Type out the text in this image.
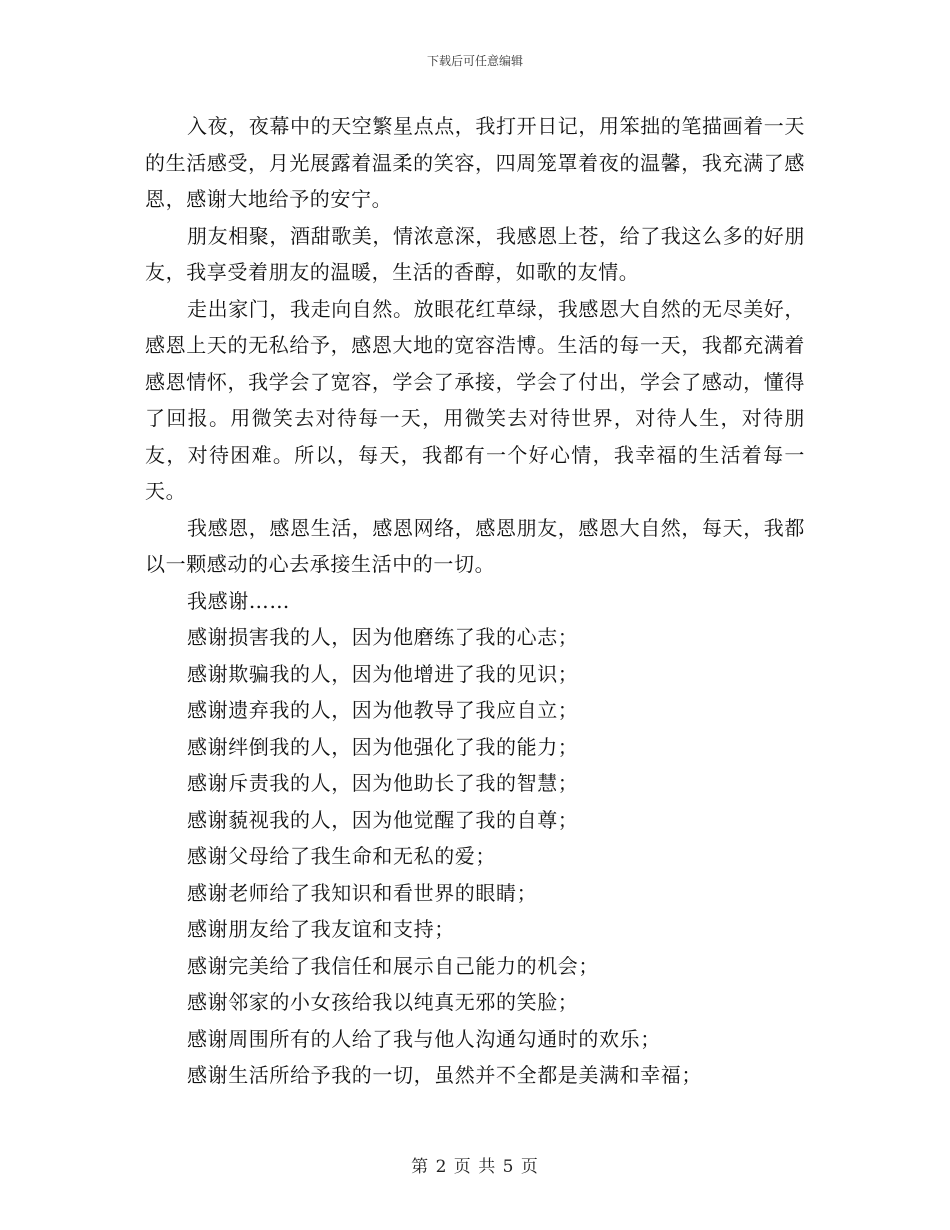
下载后可任意编辑

入夜，夜幕中的天空繁星点点，我打开日记，用笨拙的笔描画着一天的生活感受，月光展露着温柔的笑容，四周笼罩着夜的温馨，我充满了感恩，感谢大地给予的安宁。

朋友相聚，酒甜歌美，情浓意深，我感恩上苍，给了我这么多的好朋友，我享受着朋友的温暖，生活的香醇，如歌的友情。

走出家门，我走向自然。放眼花红草绿，我感恩大自然的无尽美好，感恩上天的无私给予，感恩大地的宽容浩博。生活的每一天，我都充满着感恩情怀，我学会了宽容，学会了承接，学会了付出，学会了感动，懂得了回报。用微笑去对待每一天，用微笑去对待世界，对待人生，对待朋友，对待困难。所以，每天，我都有一个好心情，我幸福的生活着每一天。

我感恩，感恩生活，感恩网络，感恩朋友，感恩大自然，每天，我都以一颗感动的心去承接生活中的一切。

我感谢……

感谢损害我的人，因为他磨练了我的心志；

感谢欺骗我的人，因为他增进了我的见识；

感谢遗弃我的人，因为他教导了我应自立；

感谢绊倒我的人，因为他强化了我的能力；

感谢斥责我的人，因为他助长了我的智慧；

感谢藐视我的人，因为他觉醒了我的自尊；

感谢父母给了我生命和无私的爱；

感谢老师给了我知识和看世界的眼睛；

感谢朋友给了我友谊和支持；

感谢完美给了我信任和展示自己能力的机会；

感谢邻家的小女孩给我以纯真无邪的笑脸；

感谢周围所有的人给了我与他人沟通勾通时的欢乐；

感谢生活所给予我的一切，虽然并不全都是美满和幸福；

第 2 页 共 5 页
